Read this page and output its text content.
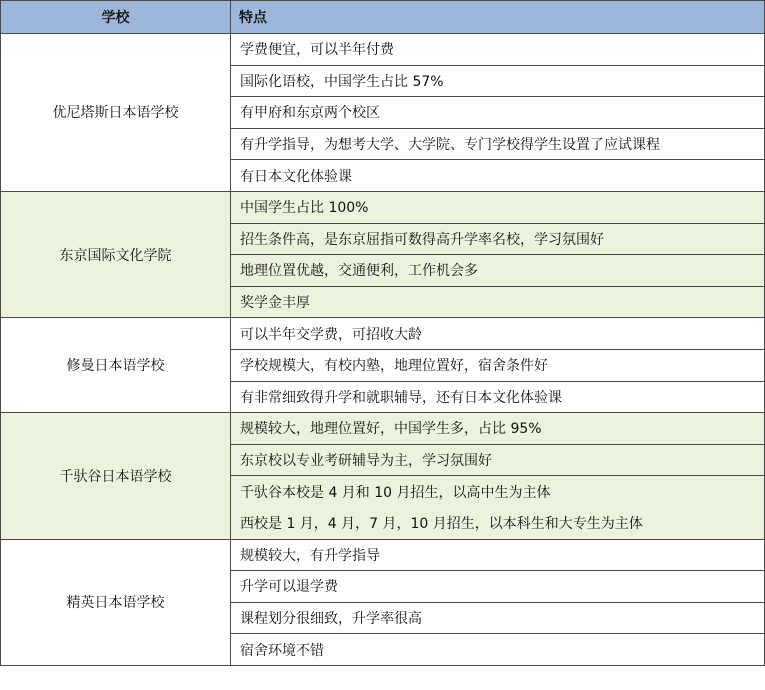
学校	特点
优尼塔斯日本语学校	学费便宜，可以半年付费
	国际化语校，中国学生占比 57%
	有甲府和东京两个校区
	有升学指导，为想考大学、大学院、专门学校得学生设置了应试课程
	有日本文化体验课
东京国际文化学院	中国学生占比 100%
	招生条件高，是东京屈指可数得高升学率名校，学习氛围好
	地理位置优越，交通便利，工作机会多
	奖学金丰厚
修曼日本语学校	可以半年交学费，可招收大龄
	学校规模大，有校内塾，地理位置好，宿舍条件好
	有非常细致得升学和就职辅导，还有日本文化体验课
千驮谷日本语学校	规模较大，地理位置好，中国学生多，占比 95%
	东京校以专业考研辅导为主，学习氛围好
	千驮谷本校是 4 月和 10 月招生，以高中生为主体
	西校是 1 月，4 月，7 月，10 月招生，以本科生和大专生为主体
精英日本语学校	规模较大，有升学指导
	升学可以退学费
	课程划分很细致，升学率很高
	宿舍环境不错
